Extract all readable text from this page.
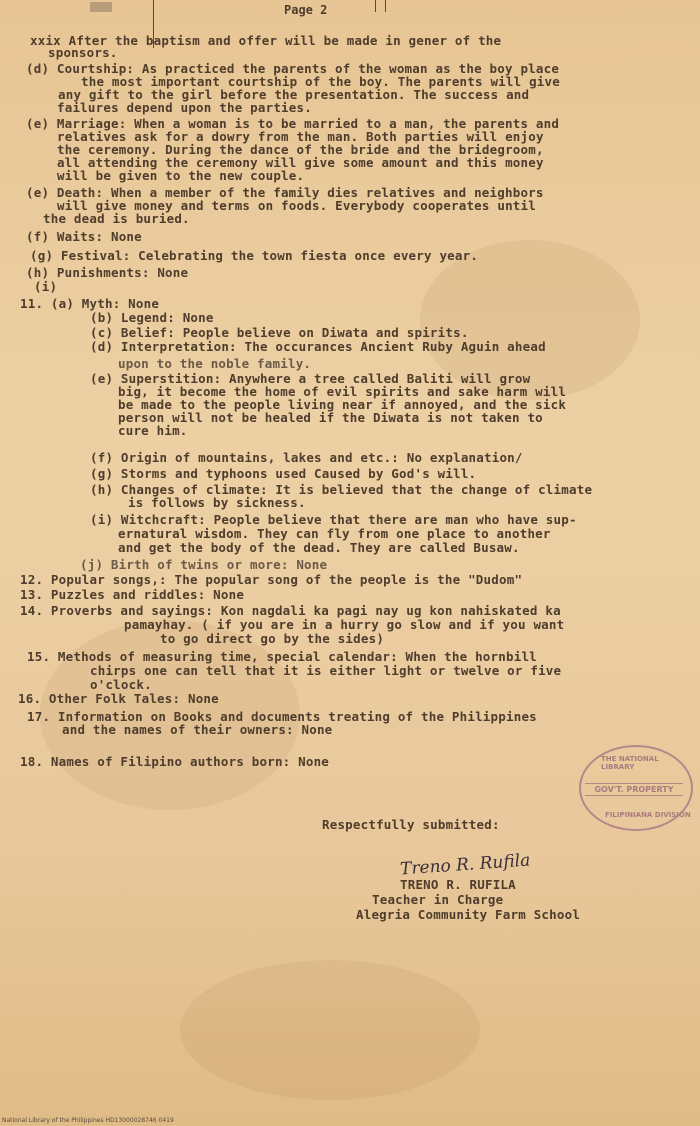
Page 2
xxix After the baptism and offer will be made in gener of the
sponsors.
(d) Courtship: As practiced the parents of the woman as the boy place
the most important courtship of the boy. The parents will give
any gift to the girl before the presentation. The success and
failures depend upon the parties.
(e) Marriage: When a woman is to be married to a man, the parents and
relatives ask for a dowry from the man. Both parties will enjoy
the ceremony. During the dance of the bride and the bridegroom,
all attending the ceremony will give some amount and this money
will be given to the new couple.
(e) Death: When a member of the family dies relatives and neighbors
will give money and terms on foods. Everybody cooperates until
the dead is buried.
(f) Waits: None
(g) Festival: Celebrating the town fiesta once every year.
(h) Punishments: None
(i)
11. (a) Myth: None
(b) Legend: None
(c) Belief: People believe on Diwata and spirits.
(d) Interpretation: The occurances Ancient Ruby Aguin ahead
upon to the noble family.
(e) Superstition: Anywhere a tree called Baliti will grow
big, it become the home of evil spirits and sake harm will
be made to the people living near if annoyed, and the sick
person will not be healed if the Diwata is not taken to
cure him.
(f) Origin of mountains, lakes and etc.: No explanation/
(g) Storms and typhoons used Caused by God's will.
(h) Changes of climate: It is believed that the change of climate
is follows by sickness.
(i) Witchcraft: People believe that there are man who have sup-
ernatural wisdom. They can fly from one place to another
and get the body of the dead. They are called Busaw.
(j) Birth of twins or more: None
12. Popular songs,: The popular song of the people is the "Dudom"
13. Puzzles and riddles: None
14. Proverbs and sayings: Kon nagdali ka pagi nay ug kon nahiskated ka
pamayhay. ( if you are in a hurry go slow and if you want
to go direct go by the sides)
15. Methods of measuring time, special calendar: When the hornbill
chirps one can tell that it is either light or twelve or five
o'clock.
16. Other Folk Tales: None
17. Information on Books and documents treating of the Philippines
and the names of their owners: None
18. Names of Filipino authors born: None	THE NATIONAL LIBRARY
GOV'T. PROPERTY
FILIPINIANA DIVISION
Respectfully submitted:
Treno R. Rufila
TRENO R. RUFILA
Teacher in Charge
Alegria Community Farm School
National Library of the Philippines HD13000028746 0419
